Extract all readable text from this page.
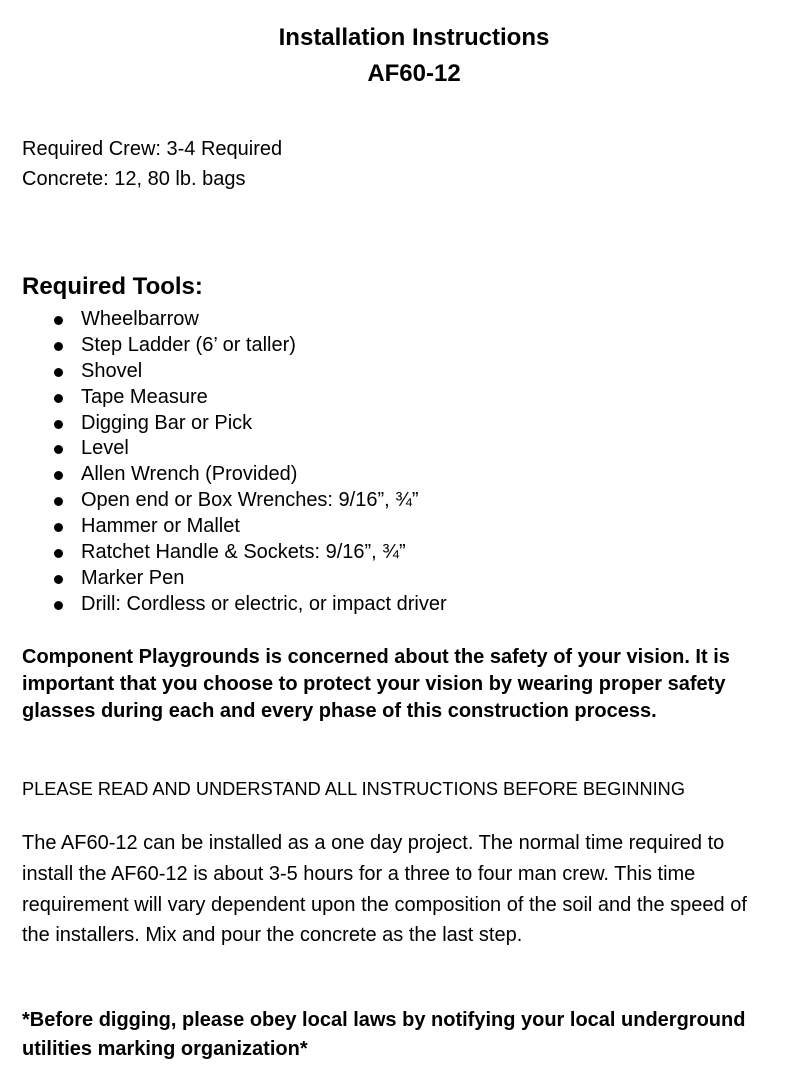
Installation Instructions
AF60-12
Required Crew: 3-4 Required
Concrete: 12, 80 lb. bags
Required Tools:
Wheelbarrow
Step Ladder (6’ or taller)
Shovel
Tape Measure
Digging Bar or Pick
Level
Allen Wrench (Provided)
Open end or Box Wrenches: 9/16”, ¾”
Hammer or Mallet
Ratchet Handle & Sockets: 9/16”, ¾”
Marker Pen
Drill: Cordless or electric, or impact driver
Component Playgrounds is concerned about the safety of your vision. It is important that you choose to protect your vision by wearing proper safety glasses during each and every phase of this construction process.
PLEASE READ AND UNDERSTAND ALL INSTRUCTIONS BEFORE BEGINNING
The AF60-12 can be installed as a one day project. The normal time required to install the AF60-12 is about 3-5 hours for a three to four man crew. This time requirement will vary dependent upon the composition of the soil and the speed of the installers. Mix and pour the concrete as the last step.
*Before digging, please obey local laws by notifying your local underground utilities marking organization*
